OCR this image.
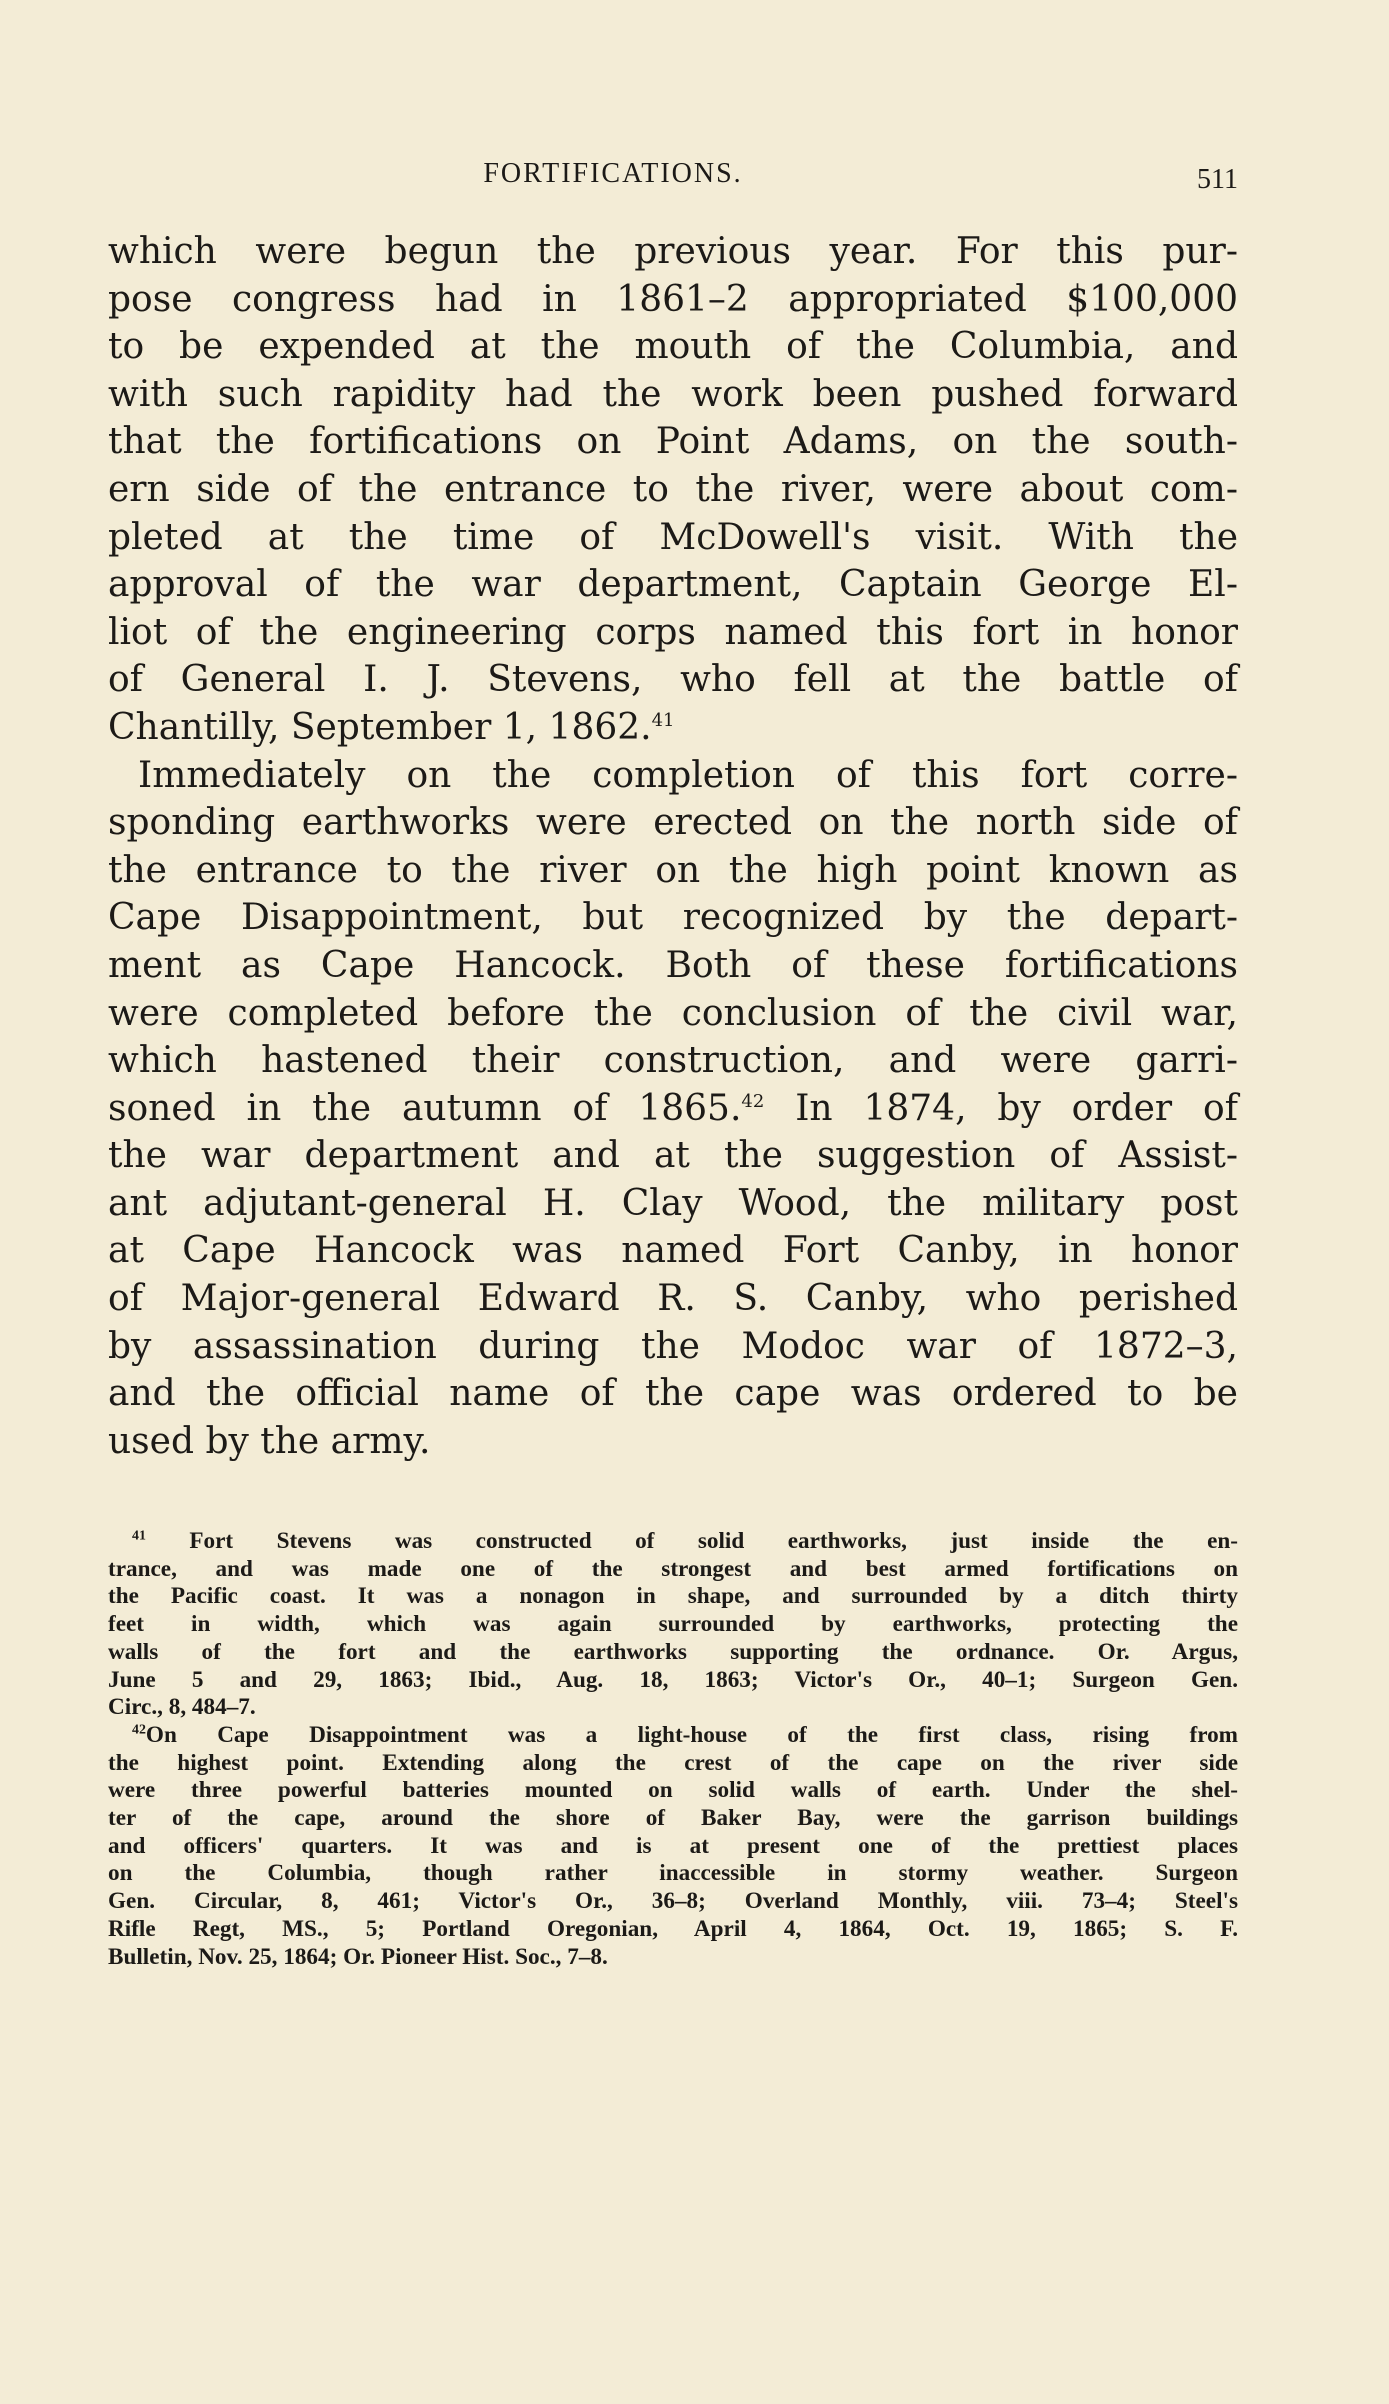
FORTIFICATIONS.	511
which were begun the previous year. For this pur-
pose congress had in 1861–2 appropriated $100,000
to be expended at the mouth of the Columbia, and
with such rapidity had the work been pushed forward
that the fortifications on Point Adams, on the south-
ern side of the entrance to the river, were about com-
pleted at the time of McDowell's visit. With the
approval of the war department, Captain George El-
liot of the engineering corps named this fort in honor
of General I. J. Stevens, who fell at the battle of
Chantilly, September 1, 1862.41
Immediately on the completion of this fort corre-
sponding earthworks were erected on the north side of
the entrance to the river on the high point known as
Cape Disappointment, but recognized by the depart-
ment as Cape Hancock. Both of these fortifications
were completed before the conclusion of the civil war,
which hastened their construction, and were garri-
soned in the autumn of 1865.42 In 1874, by order of
the war department and at the suggestion of Assist-
ant adjutant-general H. Clay Wood, the military post
at Cape Hancock was named Fort Canby, in honor
of Major-general Edward R. S. Canby, who perished
by assassination during the Modoc war of 1872–3,
and the official name of the cape was ordered to be
used by the army.
$^{41}$ Fort Stevens was constructed of solid earthworks, just inside the en-
trance, and was made one of the strongest and best armed fortifications on
the Pacific coast. It was a nonagon in shape, and surrounded by a ditch thirty
feet in width, which was again surrounded by earthworks, protecting the
walls of the fort and the earthworks supporting the ordnance. Or. Argus,
June 5 and 29, 1863; Ibid., Aug. 18, 1863; Victor's Or., 40–1; Surgeon Gen.
Circ., 8, 484–7.
$^{42}$On Cape Disappointment was a light-house of the first class, rising from
the highest point. Extending along the crest of the cape on the river side
were three powerful batteries mounted on solid walls of earth. Under the shel-
ter of the cape, around the shore of Baker Bay, were the garrison buildings
and officers' quarters. It was and is at present one of the prettiest places
on the Columbia, though rather inaccessible in stormy weather. Surgeon
Gen. Circular, 8, 461; Victor's Or., 36–8; Overland Monthly, viii. 73–4; Steel's
Rifle Regt, MS., 5; Portland Oregonian, April 4, 1864, Oct. 19, 1865; S. F.
Bulletin, Nov. 25, 1864; Or. Pioneer Hist. Soc., 7–8.
